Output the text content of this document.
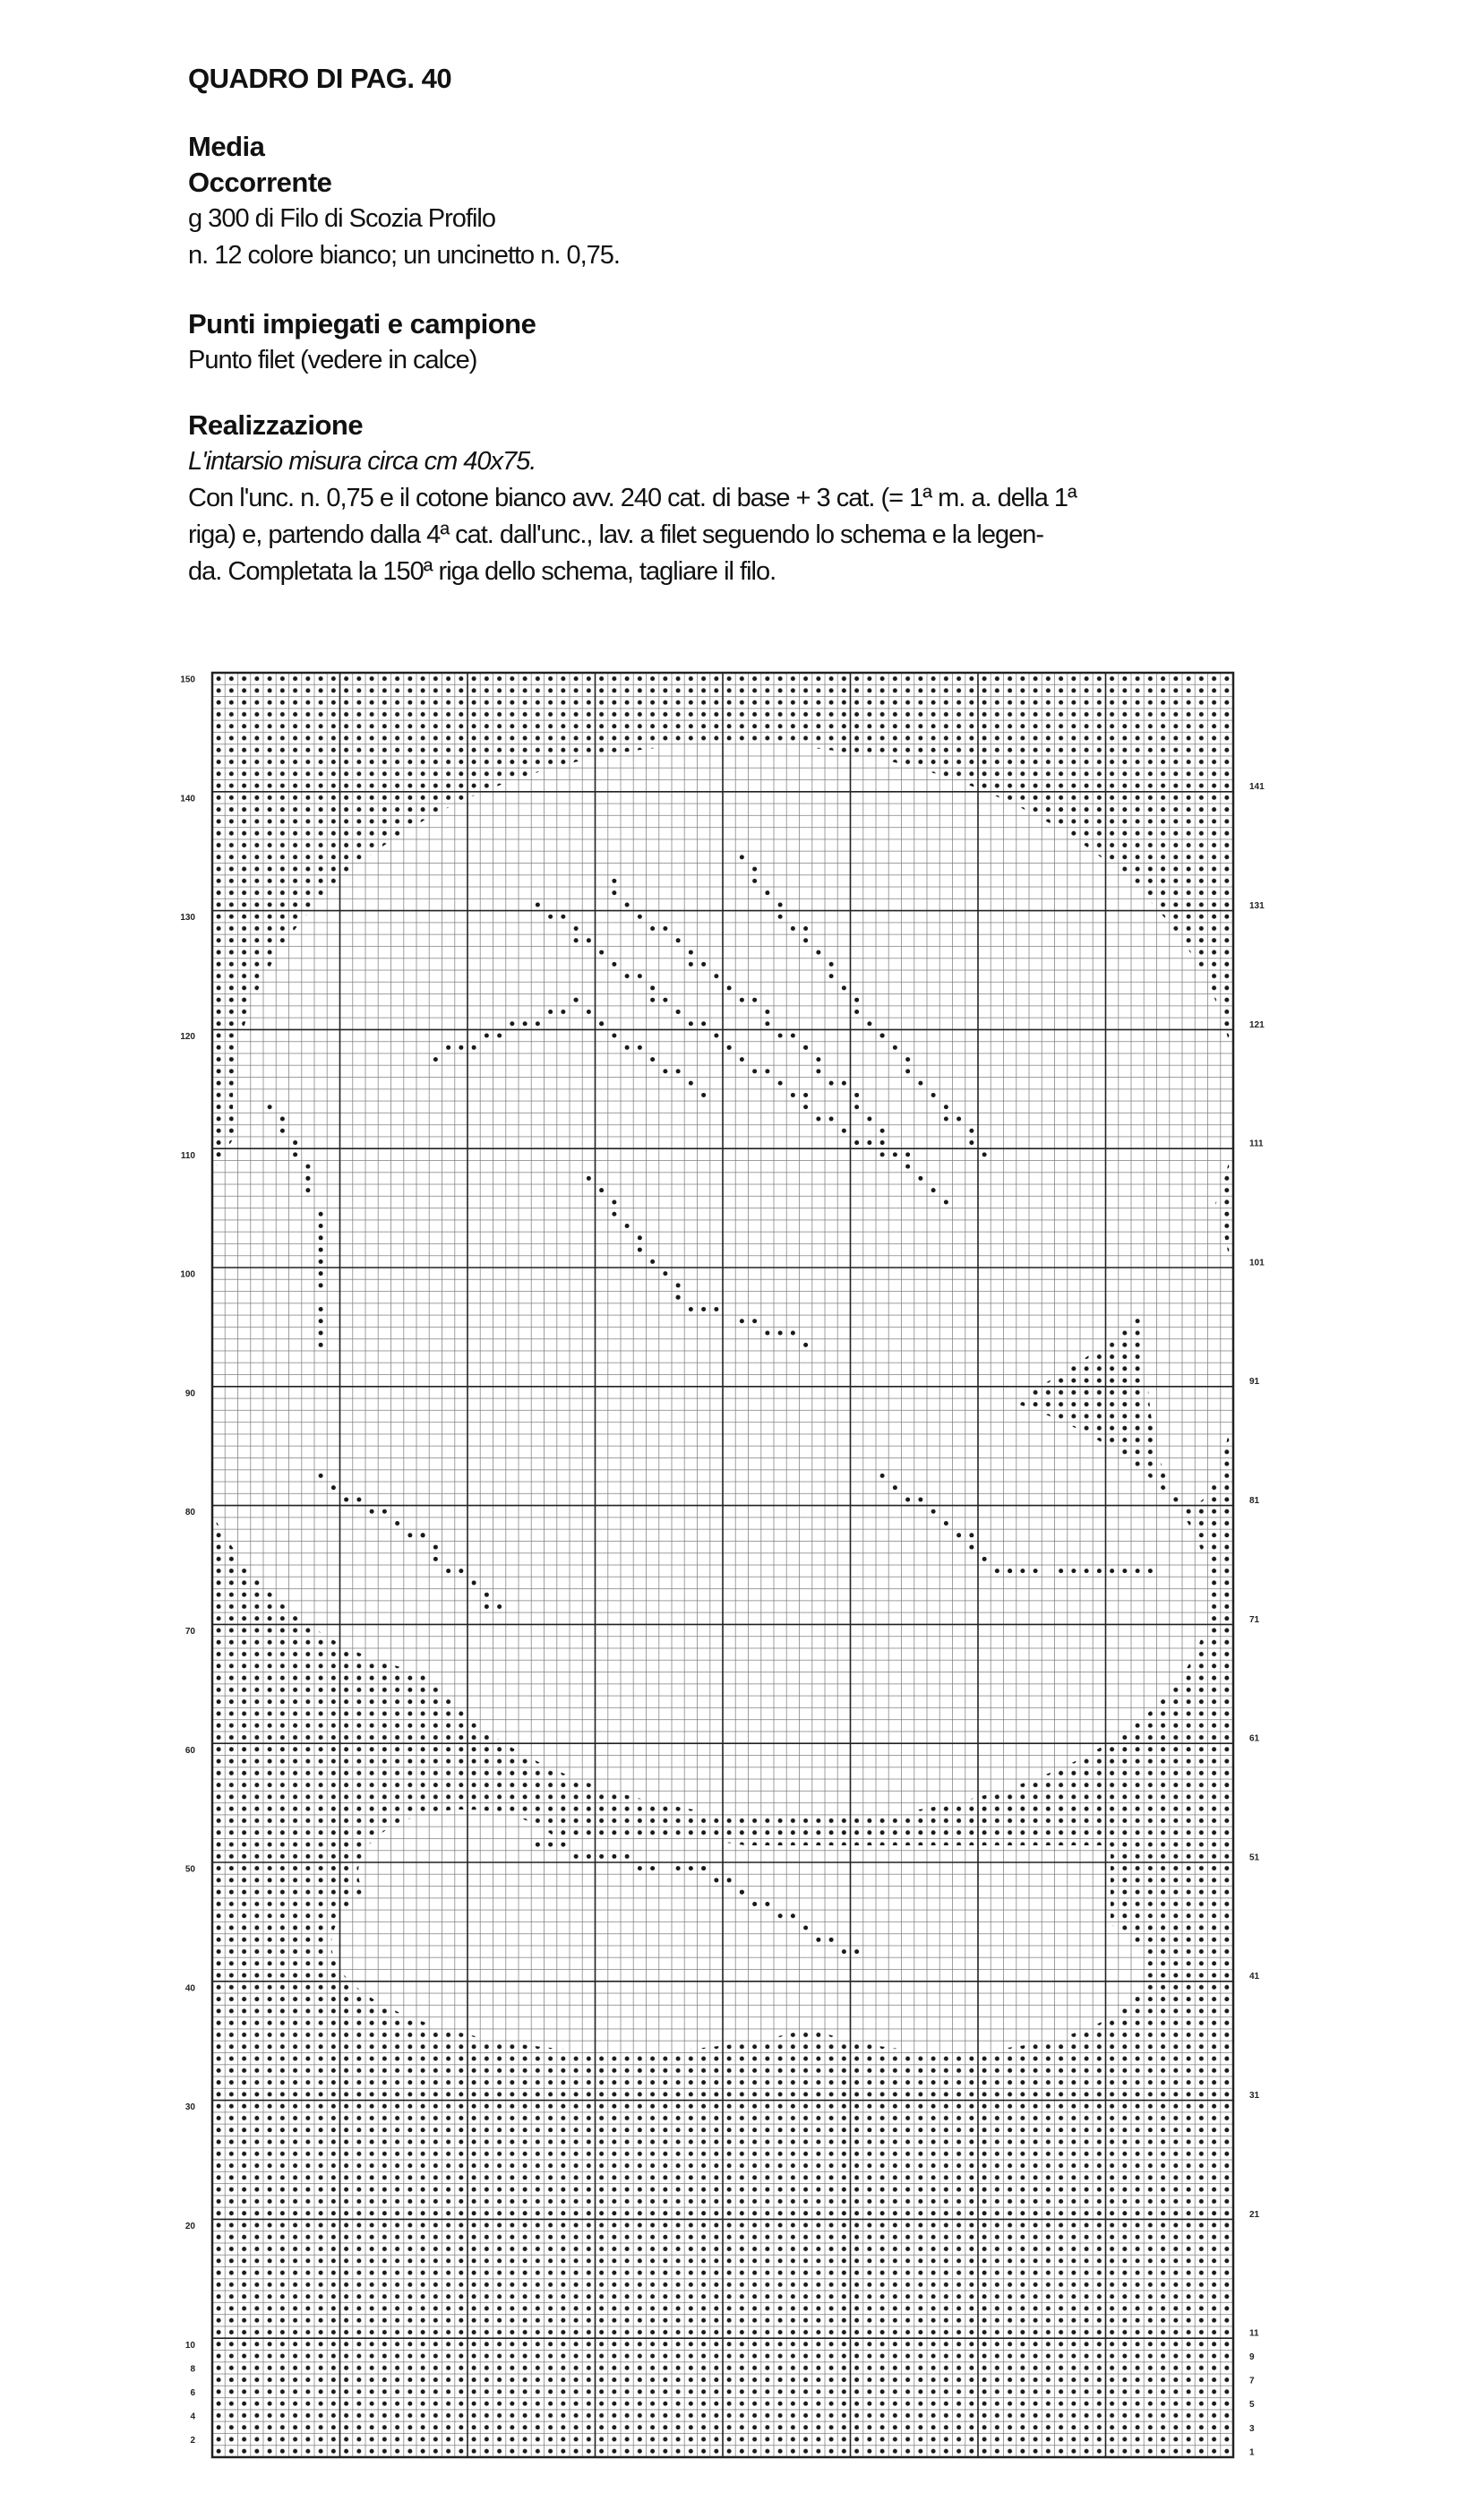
QUADRO DI PAG. 40

Media

Occorrente

g 300 di Filo di Scozia Profilo

n. 12 colore bianco; un uncinetto n. 0,75.

Punti impiegati e campione

Punto filet (vedere in calce)

Realizzazione

L'intarsio misura circa cm 40x75.

Con l'unc. n. 0,75 e il cotone bianco avv. 240 cat. di base + 3 cat. (= 1ª m. a. della 1ª

riga) e, partendo dalla 4ª cat. dall'unc., lav. a filet seguendo lo schema e la legen-

da. Completata la 150ª riga dello schema, tagliare il filo.

150
140
130
120
110
100
90
80
70
60
50
40
30
20
10
8
6
4
2
141
131
121
111
101
91
81
71
61
51
41
31
21
11
9
7
5
3
1
